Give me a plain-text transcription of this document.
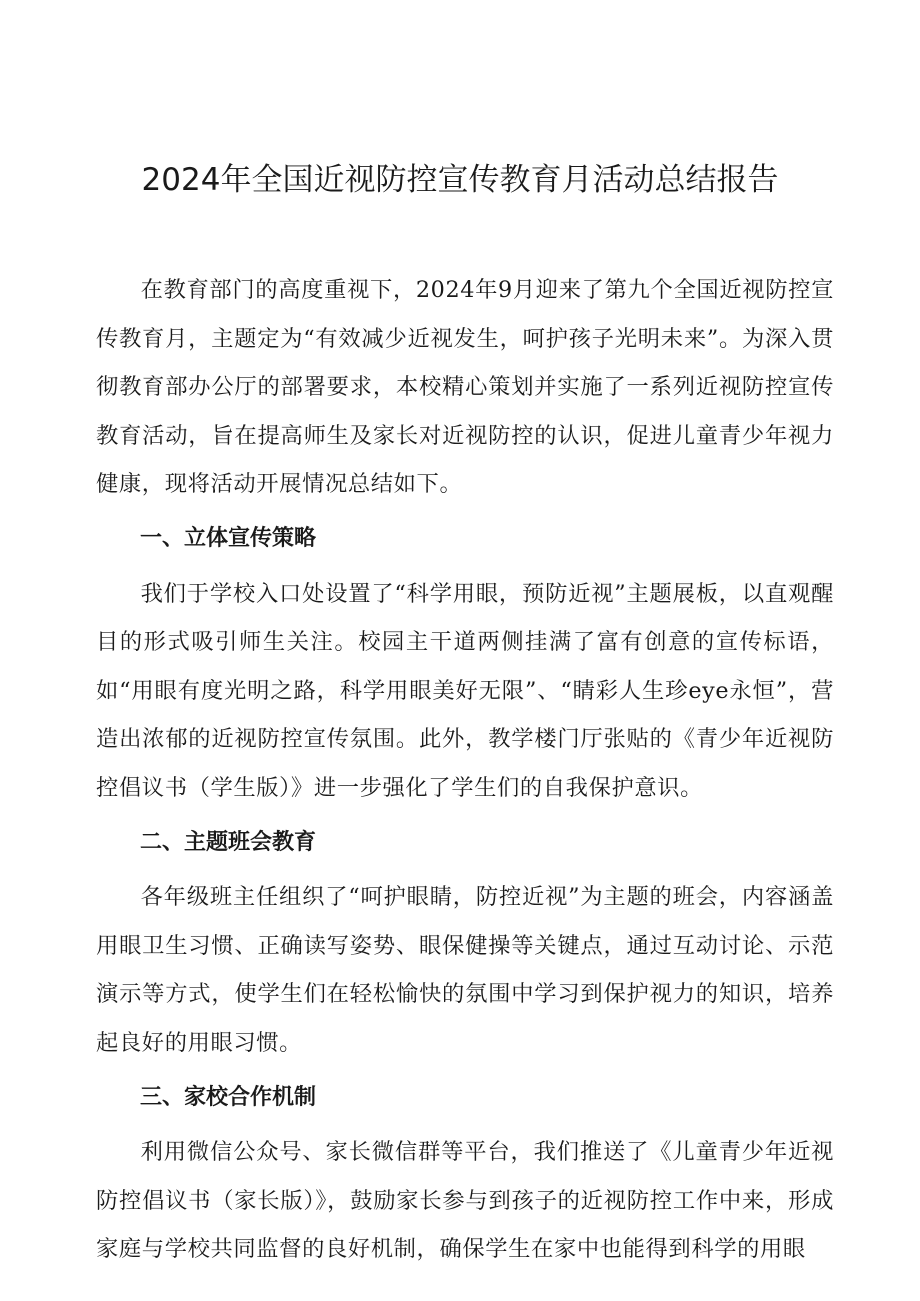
2024年全国近视防控宣传教育月活动总结报告

在教育部门的高度重视下，2024年9月迎来了第九个全国近视防控宣传教育月，主题定为“有效减少近视发生，呵护孩子光明未来”。为深入贯彻教育部办公厅的部署要求，本校精心策划并实施了一系列近视防控宣传教育活动，旨在提高师生及家长对近视防控的认识，促进儿童青少年视力健康，现将活动开展情况总结如下。

一、立体宣传策略

我们于学校入口处设置了“科学用眼，预防近视”主题展板，以直观醒目的形式吸引师生关注。校园主干道两侧挂满了富有创意的宣传标语，如“用眼有度光明之路，科学用眼美好无限”、“睛彩人生珍eye永恒”，营造出浓郁的近视防控宣传氛围。此外，教学楼门厅张贴的《青少年近视防控倡议书（学生版）》进一步强化了学生们的自我保护意识。

二、主题班会教育

各年级班主任组织了“呵护眼睛，防控近视”为主题的班会，内容涵盖用眼卫生习惯、正确读写姿势、眼保健操等关键点，通过互动讨论、示范演示等方式，使学生们在轻松愉快的氛围中学习到保护视力的知识，培养起良好的用眼习惯。

三、家校合作机制

利用微信公众号、家长微信群等平台，我们推送了《儿童青少年近视防控倡议书（家长版）》，鼓励家长参与到孩子的近视防控工作中来，形成家庭与学校共同监督的良好机制，确保学生在家中也能得到科学的用眼
